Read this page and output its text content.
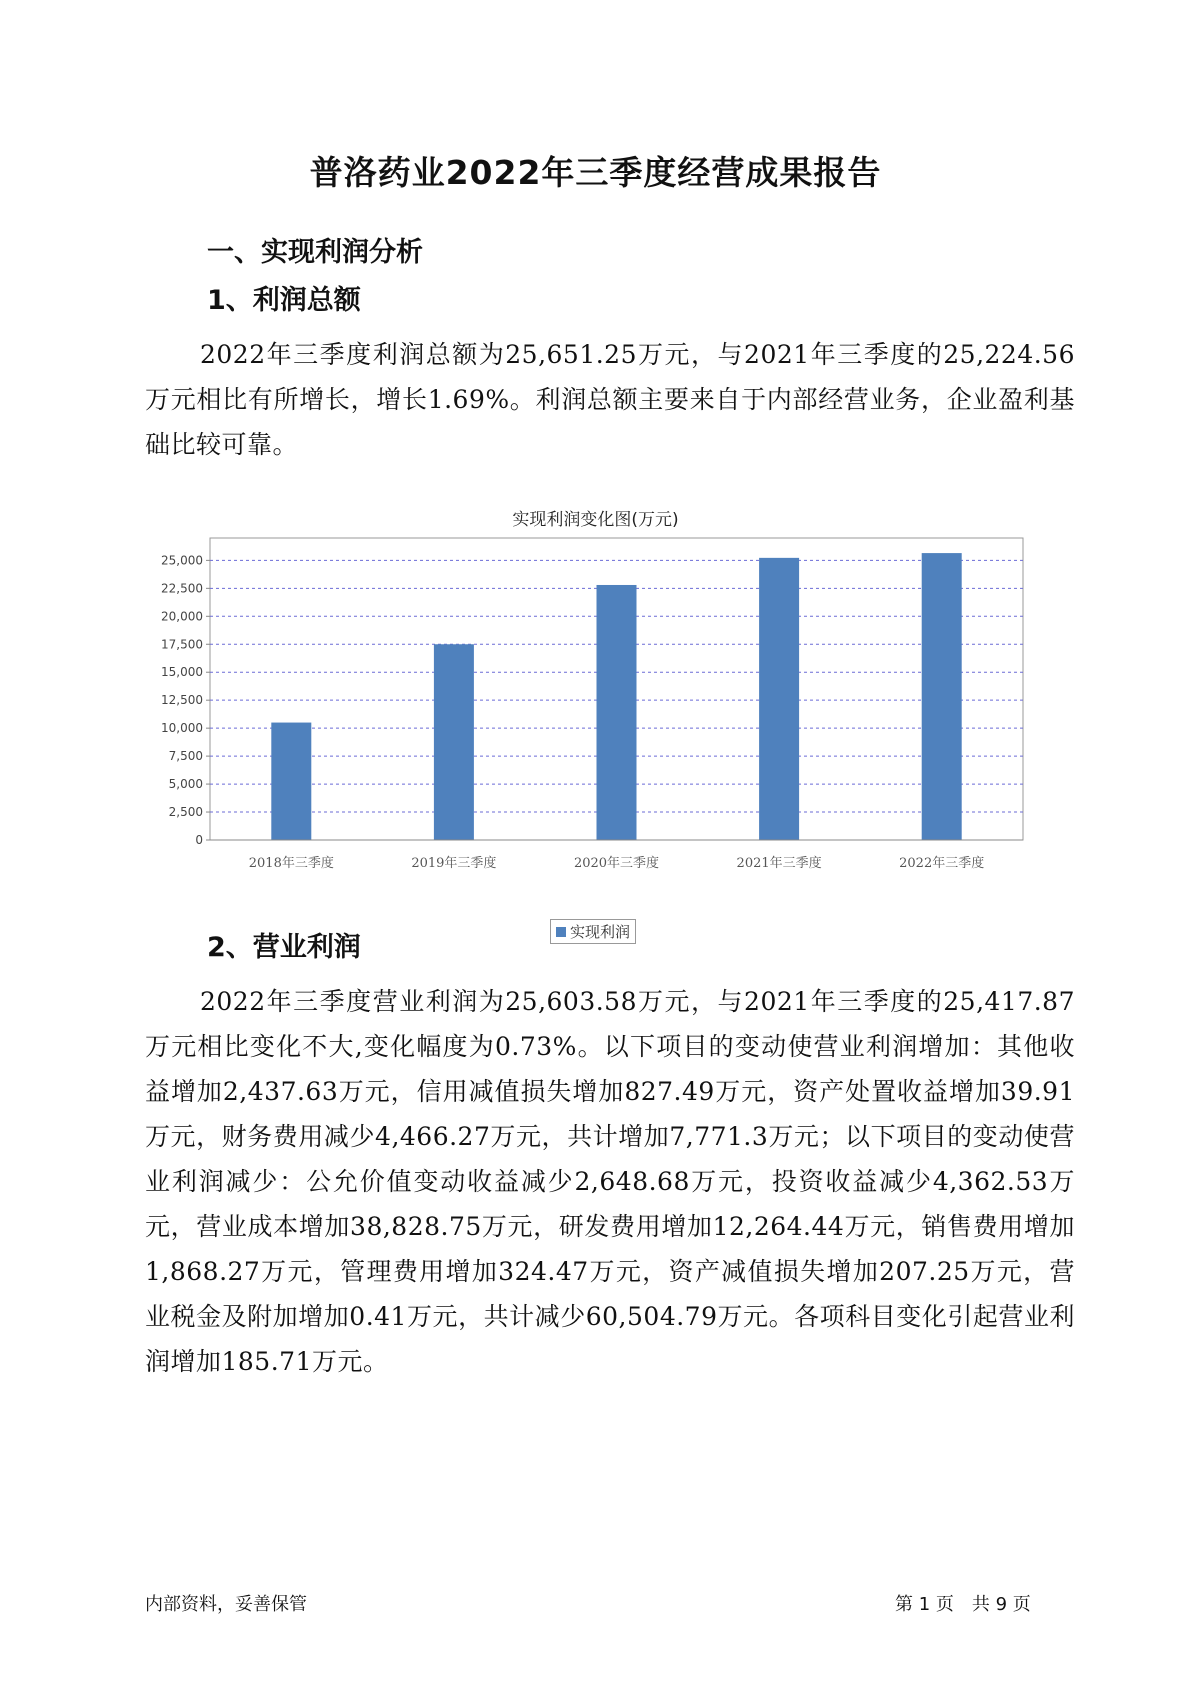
普洛药业2022年三季度经营成果报告
一、实现利润分析
1、利润总额
2022年三季度利润总额为25,651.25万元，与2021年三季度的25,224.56万元相比有所增长，增长1.69%。利润总额主要来自于内部经营业务，企业盈利基础比较可靠。
实现利润变化图(万元)
0
2,500
5,000
7,500
10,000
12,500
15,000
17,500
20,000
22,500
25,000
2018年三季度	2019年三季度	2020年三季度	2021年三季度	2022年三季度
实现利润
2、营业利润
2022年三季度营业利润为25,603.58万元，与2021年三季度的25,417.87万元相比变化不大,变化幅度为0.73%。以下项目的变动使营业利润增加：其他收益增加2,437.63万元，信用减值损失增加827.49万元，资产处置收益增加39.91万元，财务费用减少4,466.27万元，共计增加7,771.3万元；以下项目的变动使营业利润减少：公允价值变动收益减少2,648.68万元，投资收益减少4,362.53万元，营业成本增加38,828.75万元，研发费用增加12,264.44万元，销售费用增加1,868.27万元，管理费用增加324.47万元，资产减值损失增加207.25万元，营业税金及附加增加0.41万元，共计减少60,504.79万元。各项科目变化引起营业利润增加185.71万元。
内部资料，妥善保管	第 1 页　共 9 页
